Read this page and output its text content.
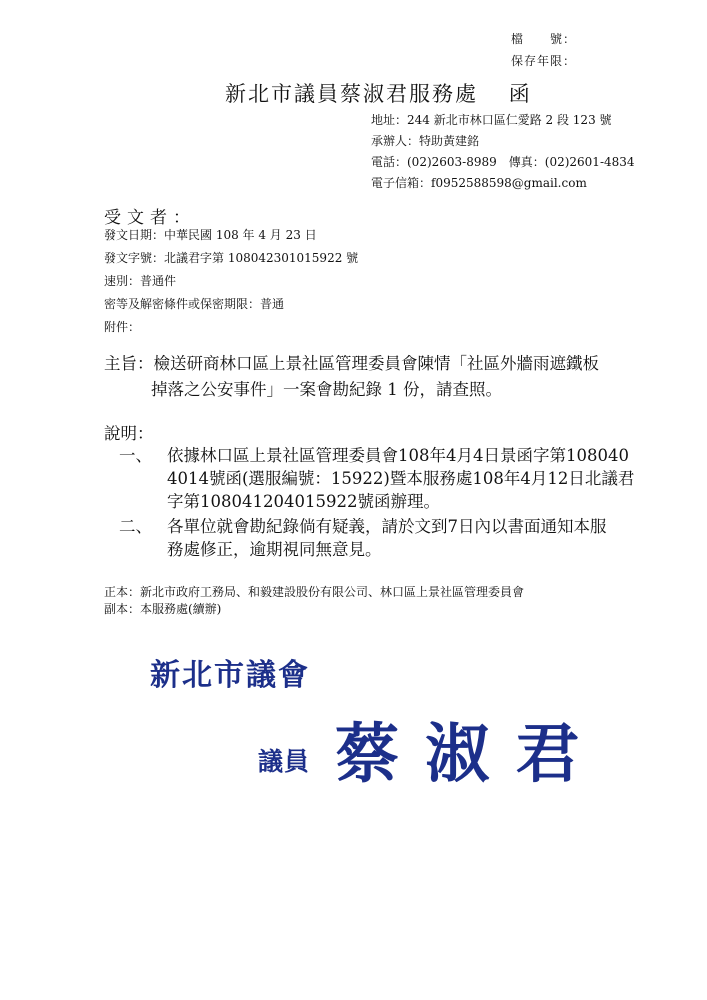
檔　　號：
保存年限：
新北市議員蔡淑君服務處 函
地址：244 新北市林口區仁愛路 2 段 123 號
承辦人：特助黃建銘
電話：(02)2603-8989　傳真：(02)2601-4834
電子信箱：f0952588598@gmail.com
受文者：
發文日期：中華民國 108 年 4 月 23 日
發文字號：北議君字第 108042301015922 號
速別：普通件
密等及解密條件或保密期限：普通
附件：
主旨：檢送研商林口區上景社區管理委員會陳情「社區外牆雨遮鐵板
掉落之公安事件」一案會勘紀錄 1 份，請查照。
說明：
一、 依據林口區上景社區管理委員會108年4月4日景函字第108040
4014號函(選服編號：15922)暨本服務處108年4月12日北議君
字第108041204015922號函辦理。
二、 各單位就會勘紀錄倘有疑義，請於文到7日內以書面通知本服
務處修正，逾期視同無意見。
正本：新北市政府工務局、和毅建設股份有限公司、林口區上景社區管理委員會
副本：本服務處(續辦)
新北市議會
議員 蔡 淑 君
